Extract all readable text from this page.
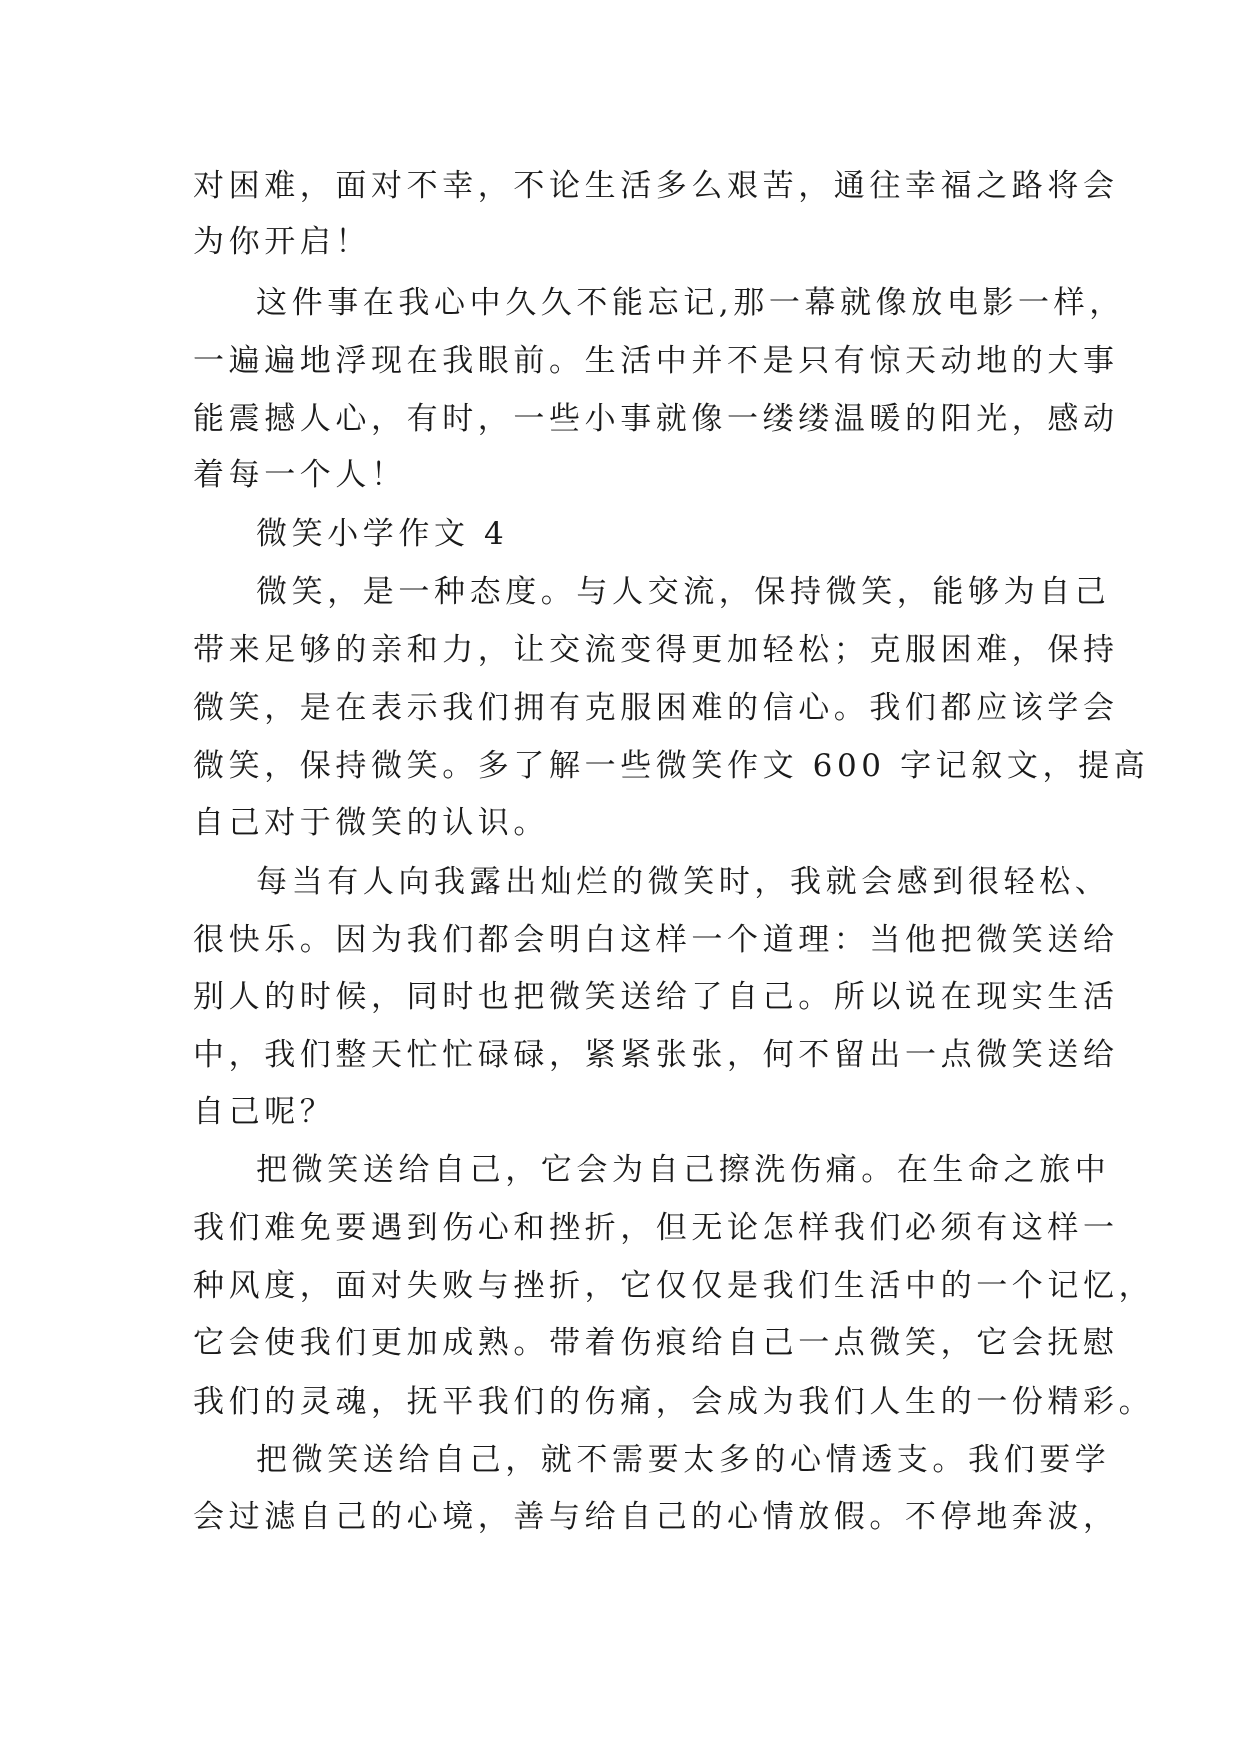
对困难，面对不幸，不论生活多么艰苦，通往幸福之路将会
为你开启！
这件事在我心中久久不能忘记,那一幕就像放电影一样，
一遍遍地浮现在我眼前。生活中并不是只有惊天动地的大事
能震撼人心，有时，一些小事就像一缕缕温暖的阳光，感动
着每一个人！
微笑小学作文 4
微笑，是一种态度。与人交流，保持微笑，能够为自己
带来足够的亲和力，让交流变得更加轻松；克服困难，保持
微笑，是在表示我们拥有克服困难的信心。我们都应该学会
微笑，保持微笑。多了解一些微笑作文 600 字记叙文，提高
自己对于微笑的认识。
每当有人向我露出灿烂的微笑时，我就会感到很轻松、
很快乐。因为我们都会明白这样一个道理：当他把微笑送给
别人的时候，同时也把微笑送给了自己。所以说在现实生活
中，我们整天忙忙碌碌，紧紧张张，何不留出一点微笑送给
自己呢？
把微笑送给自己，它会为自己擦洗伤痛。在生命之旅中
我们难免要遇到伤心和挫折，但无论怎样我们必须有这样一
种风度，面对失败与挫折，它仅仅是我们生活中的一个记忆，
它会使我们更加成熟。带着伤痕给自己一点微笑，它会抚慰
我们的灵魂，抚平我们的伤痛，会成为我们人生的一份精彩。
把微笑送给自己，就不需要太多的心情透支。我们要学
会过滤自己的心境，善与给自己的心情放假。不停地奔波，
